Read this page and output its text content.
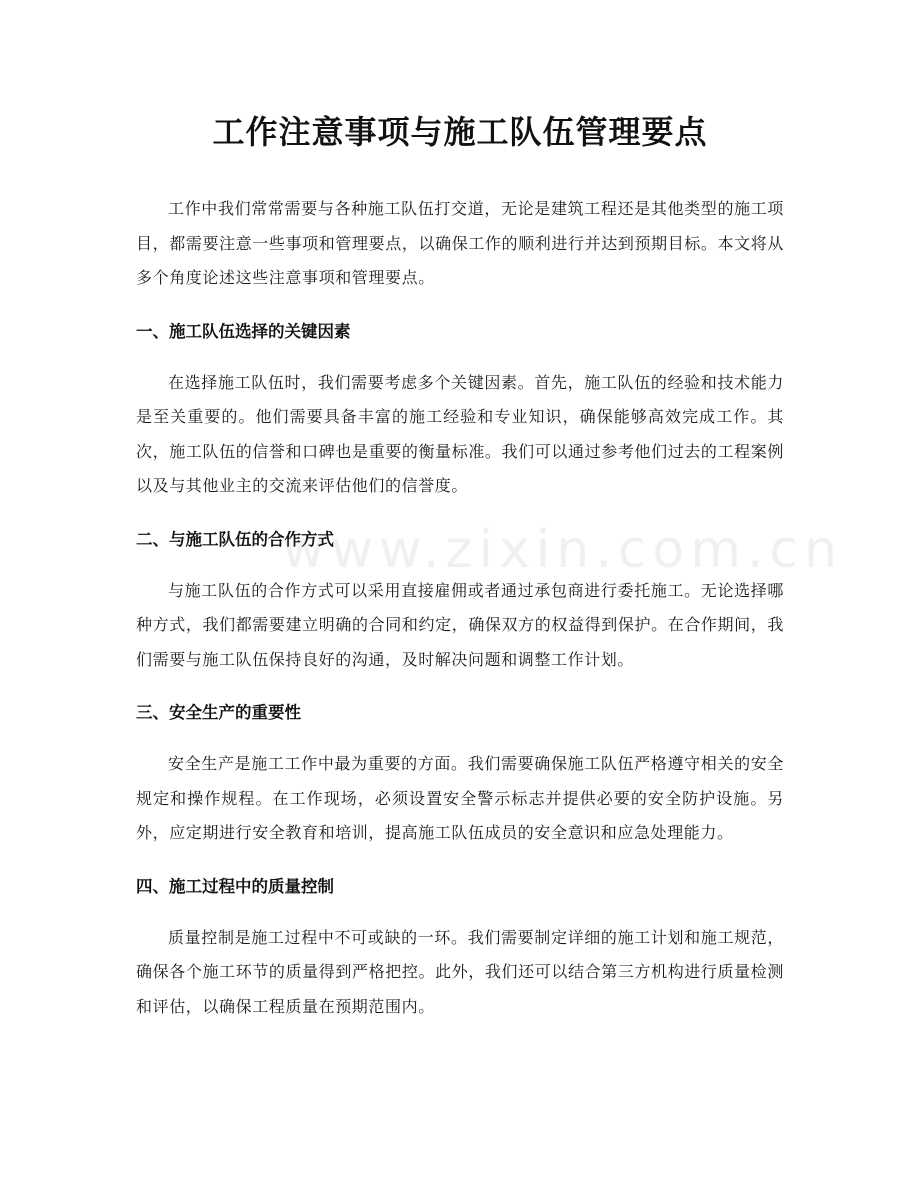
工作注意事项与施工队伍管理要点

工作中我们常常需要与各种施工队伍打交道，无论是建筑工程还是其他类型的施工项目，都需要注意一些事项和管理要点，以确保工作的顺利进行并达到预期目标。本文将从多个角度论述这些注意事项和管理要点。

一、施工队伍选择的关键因素

在选择施工队伍时，我们需要考虑多个关键因素。首先，施工队伍的经验和技术能力是至关重要的。他们需要具备丰富的施工经验和专业知识，确保能够高效完成工作。其次，施工队伍的信誉和口碑也是重要的衡量标准。我们可以通过参考他们过去的工程案例以及与其他业主的交流来评估他们的信誉度。

二、与施工队伍的合作方式

与施工队伍的合作方式可以采用直接雇佣或者通过承包商进行委托施工。无论选择哪种方式，我们都需要建立明确的合同和约定，确保双方的权益得到保护。在合作期间，我们需要与施工队伍保持良好的沟通，及时解决问题和调整工作计划。

三、安全生产的重要性

安全生产是施工工作中最为重要的方面。我们需要确保施工队伍严格遵守相关的安全规定和操作规程。在工作现场，必须设置安全警示标志并提供必要的安全防护设施。另外，应定期进行安全教育和培训，提高施工队伍成员的安全意识和应急处理能力。

四、施工过程中的质量控制

质量控制是施工过程中不可或缺的一环。我们需要制定详细的施工计划和施工规范，确保各个施工环节的质量得到严格把控。此外，我们还可以结合第三方机构进行质量检测和评估，以确保工程质量在预期范围内。

www.zixin.com.cn
